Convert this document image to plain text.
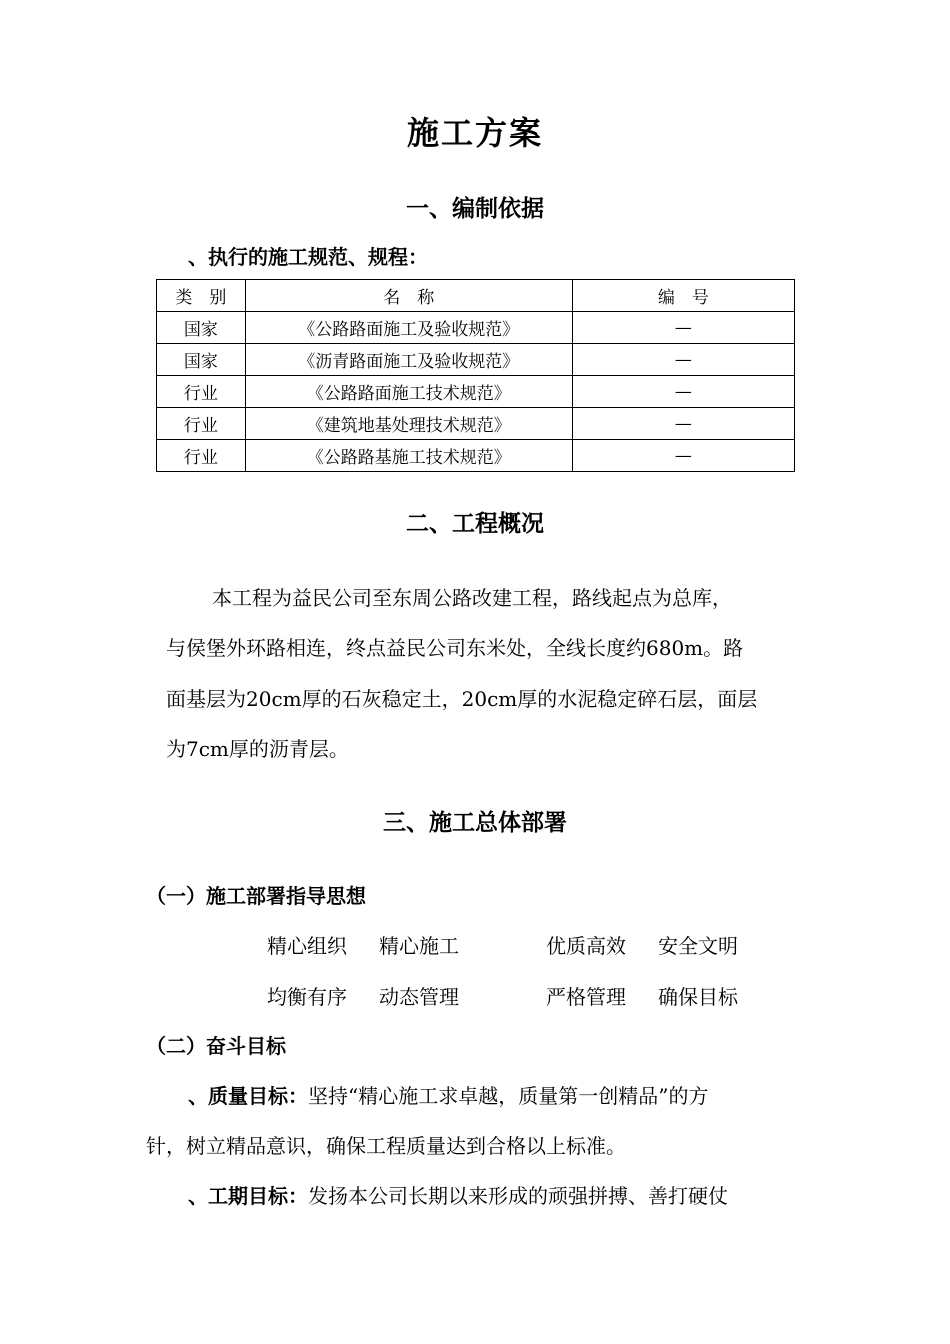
施工方案
一、编制依据
、执行的施工规范、规程：
类　别	名　称	编　号
国家	《公路路面施工及验收规范》	—
国家	《沥青路面施工及验收规范》	—
行业	《公路路面施工技术规范》	—
行业	《建筑地基处理技术规范》	—
行业	《公路路基施工技术规范》	—
二、工程概况
本工程为益民公司至东周公路改建工程，路线起点为总库，
与侯堡外环路相连，终点益民公司东米处，全线长度约680m。路
面基层为20cm厚的石灰稳定土，20cm厚的水泥稳定碎石层，面层
为7cm厚的沥青层。
三、施工总体部署
（一）施工部署指导思想
精心组织 精心施工	优质高效 安全文明
均衡有序 动态管理	严格管理 确保目标
（二）奋斗目标
、质量目标：坚持“精心施工求卓越，质量第一创精品”的方
针，树立精品意识，确保工程质量达到合格以上标准。
、工期目标：发扬本公司长期以来形成的顽强拼搏、善打硬仗
